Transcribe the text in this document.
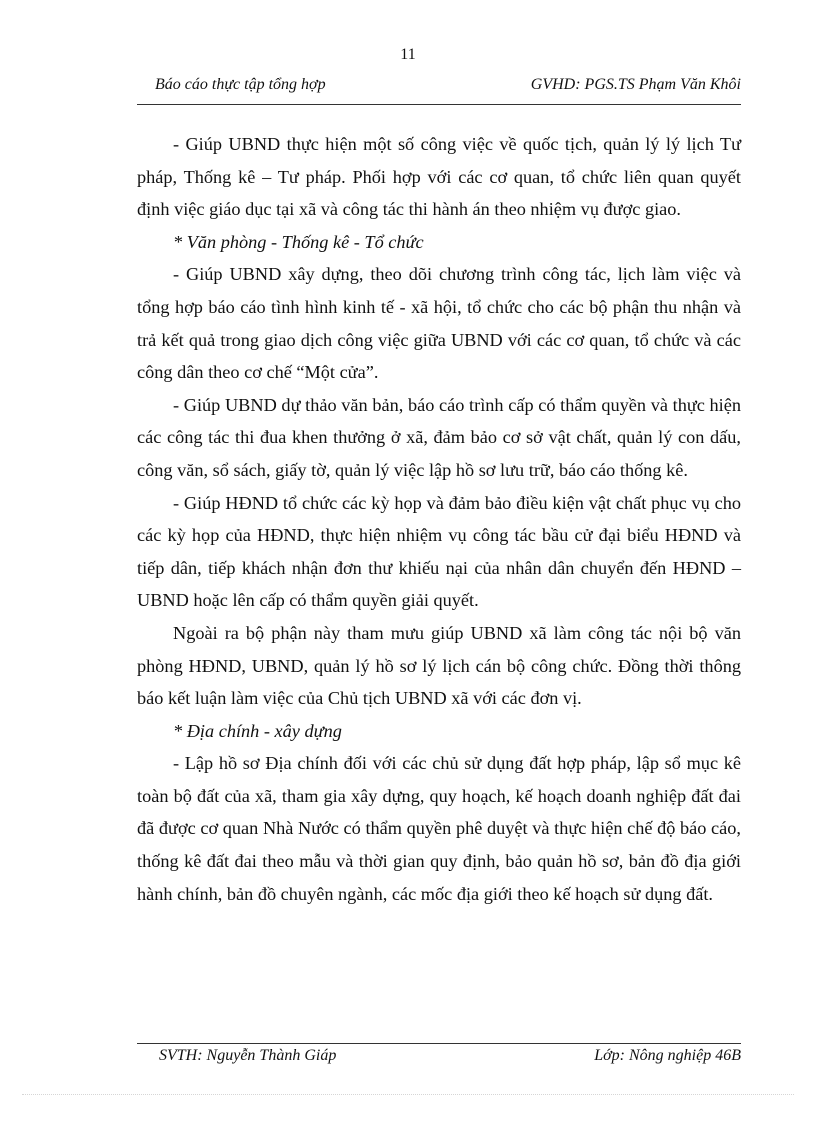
11
Báo cáo thực tập tổng hợp	GVHD: PGS.TS Phạm Văn Khôi

- Giúp UBND thực hiện một số công việc về quốc tịch, quản lý lý lịch Tư pháp, Thống kê – Tư pháp. Phối hợp với các cơ quan, tổ chức liên quan quyết định việc giáo dục tại xã và công tác thi hành án theo nhiệm vụ được giao.

* Văn phòng - Thống kê - Tổ chức

- Giúp UBND xây dựng, theo dõi chương trình công tác, lịch làm việc và tổng hợp báo cáo tình hình kinh tế - xã hội, tổ chức cho các bộ phận thu nhận và trả kết quả trong giao dịch công việc giữa UBND với các cơ quan, tổ chức và các công dân theo cơ chế “Một cửa”.

- Giúp UBND dự thảo văn bản, báo cáo trình cấp có thẩm quyền và thực hiện các công tác thi đua khen thưởng ở xã, đảm bảo cơ sở vật chất, quản lý con dấu, công văn, sổ sách, giấy tờ, quản lý việc lập hồ sơ lưu trữ, báo cáo thống kê.

- Giúp HĐND tổ chức các kỳ họp và đảm bảo điều kiện vật chất phục vụ cho các kỳ họp của HĐND, thực hiện nhiệm vụ công tác bầu cử đại biểu HĐND và tiếp dân, tiếp khách nhận đơn thư khiếu nại của nhân dân chuyển đến HĐND – UBND hoặc lên cấp có thẩm quyền giải quyết.

Ngoài ra bộ phận này tham mưu giúp UBND xã làm công tác nội bộ văn phòng HĐND, UBND, quản lý hồ sơ lý lịch cán bộ công chức. Đồng thời thông báo kết luận làm việc của Chủ tịch UBND xã với các đơn vị.

* Địa chính - xây dựng

- Lập hồ sơ Địa chính đối với các chủ sử dụng đất hợp pháp, lập sổ mục kê toàn bộ đất của xã, tham gia xây dựng, quy hoạch, kế hoạch doanh nghiệp đất đai đã được cơ quan Nhà Nước có thẩm quyền phê duyệt và thực hiện chế độ báo cáo, thống kê đất đai theo mẫu và thời gian quy định, bảo quản hồ sơ, bản đồ địa giới hành chính, bản đồ chuyên ngành, các mốc địa giới theo kế hoạch sử dụng đất.

SVTH: Nguyễn Thành Giáp	Lớp: Nông nghiệp 46B
